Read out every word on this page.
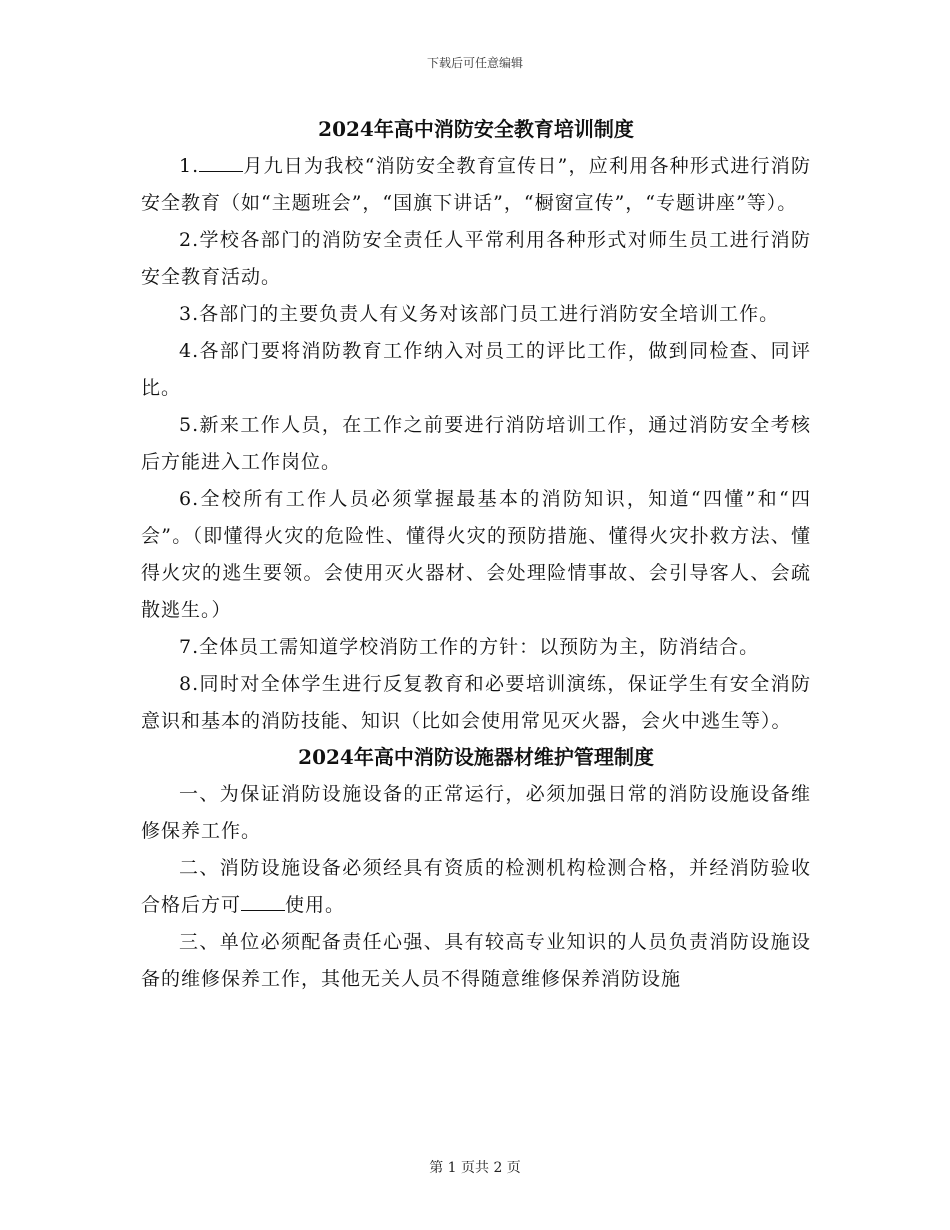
下载后可任意编辑
2024年高中消防安全教育培训制度

1. 月九日为我校“消防安全教育宣传日”，应利用各种形式进行消防安全教育（如“主题班会”，“国旗下讲话”，“橱窗宣传”，“专题讲座”等）。

2.学校各部门的消防安全责任人平常利用各种形式对师生员工进行消防安全教育活动。

3.各部门的主要负责人有义务对该部门员工进行消防安全培训工作。

4.各部门要将消防教育工作纳入对员工的评比工作，做到同检查、同评比。

5.新来工作人员，在工作之前要进行消防培训工作，通过消防安全考核后方能进入工作岗位。

6.全校所有工作人员必须掌握最基本的消防知识，知道“四懂”和“四会”。（即懂得火灾的危险性、懂得火灾的预防措施、懂得火灾扑救方法、懂得火灾的逃生要领。会使用灭火器材、会处理险情事故、会引导客人、会疏散逃生。）

7.全体员工需知道学校消防工作的方针：以预防为主，防消结合。

8.同时对全体学生进行反复教育和必要培训演练，保证学生有安全消防意识和基本的消防技能、知识（比如会使用常见灭火器，会火中逃生等）。

2024年高中消防设施器材维护管理制度

一、为保证消防设施设备的正常运行，必须加强日常的消防设施设备维修保养工作。

二、消防设施设备必须经具有资质的检测机构检测合格，并经消防验收合格后方可 使用。

三、单位必须配备责任心强、具有较高专业知识的人员负责消防设施设备的维修保养工作，其他无关人员不得随意维修保养消防设施

第 1 页共 2 页
